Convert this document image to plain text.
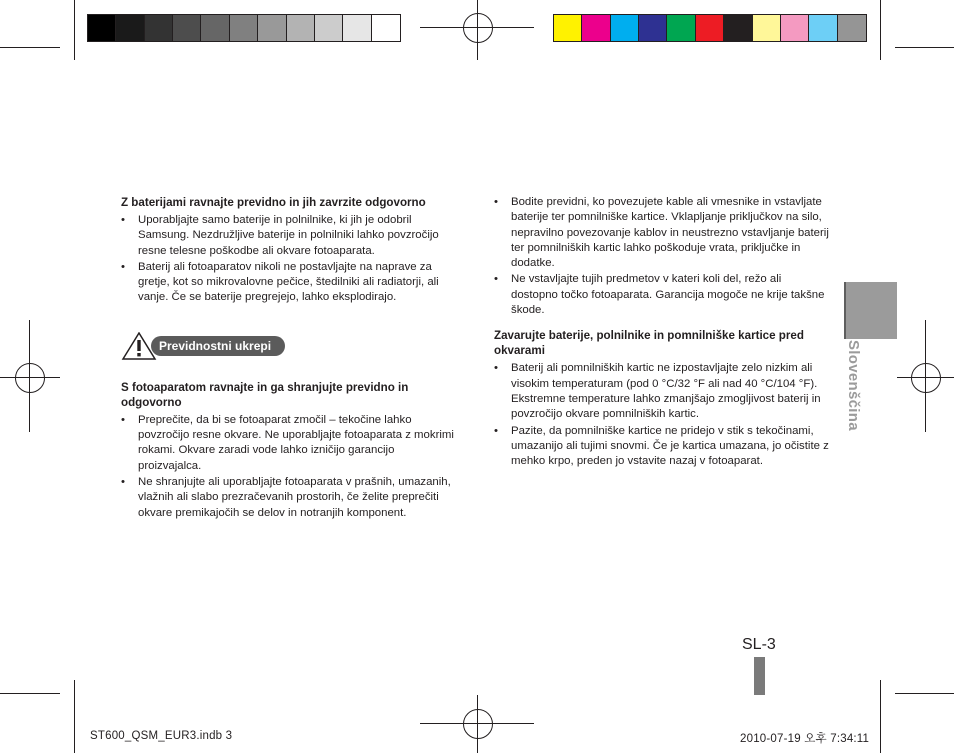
Z baterijami ravnajte previdno in jih zavrzite odgovorno
• Uporabljajte samo baterije in polnilnike, ki jih je odobril Samsung. Nezdružljive baterije in polnilniki lahko povzročijo resne telesne poškodbe ali okvare fotoaparata.
• Baterij ali fotoaparatov nikoli ne postavljajte na naprave za gretje, kot so mikrovalovne pečice, štedilniki ali radiatorji, ali vanje. Če se baterije pregrejejo, lahko eksplodirajo.
Previdnostni ukrepi
S fotoaparatom ravnajte in ga shranjujte previdno in odgovorno
• Preprečite, da bi se fotoaparat zmočil – tekočine lahko povzročijo resne okvare. Ne uporabljajte fotoaparata z mokrimi rokami. Okvare zaradi vode lahko izničijo garancijo proizvajalca.
• Ne shranjujte ali uporabljajte fotoaparata v prašnih, umazanih, vlažnih ali slabo prezračevanih prostorih, če želite preprečiti okvare premikajočih se delov in notranjih komponent.
• Bodite previdni, ko povezujete kable ali vmesnike in vstavljate baterije ter pomnilniške kartice. Vklapljanje priključkov na silo, nepravilno povezovanje kablov in neustrezno vstavljanje baterij ter pomnilniških kartic lahko poškoduje vrata, priključke in dodatke.
• Ne vstavljajte tujih predmetov v kateri koli del, režo ali dostopno točko fotoaparata. Garancija mogoče ne krije takšne škode.
Zavarujte baterije, polnilnike in pomnilniške kartice pred okvarami
• Baterij ali pomnilniških kartic ne izpostavljajte zelo nizkim ali visokim temperaturam (pod 0 °C/32 °F ali nad 40 °C/104 °F). Ekstremne temperature lahko zmanjšajo zmogljivost baterij in povzročijo okvare pomnilniških kartic.
• Pazite, da pomnilniške kartice ne pridejo v stik s tekočinami, umazanijo ali tujimi snovmi. Če je kartica umazana, jo očistite z mehko krpo, preden jo vstavite nazaj v fotoaparat.
Slovenščina
SL-3
ST600_QSM_EUR3.indb 3	2010-07-19 오후 7:34:11
